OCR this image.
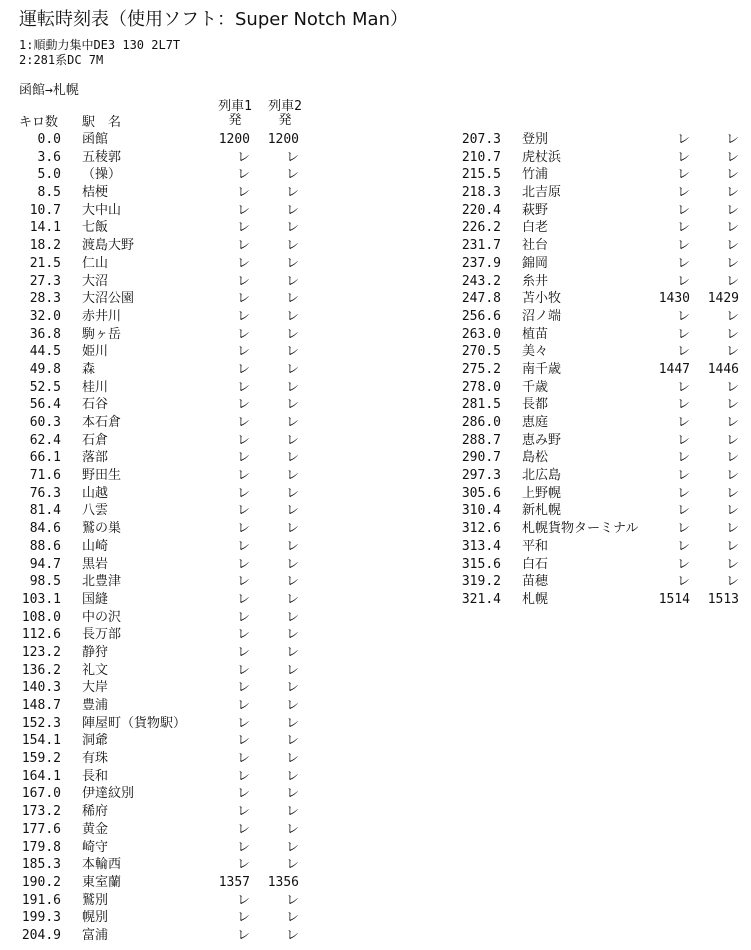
運転時刻表（使用ソフト：Super Notch Man）
1:順動力集中DE3 130 2L7T
2:281系DC 7M
函館→札幌
列車1	列車2
キロ数	駅　名	発	発
0.0 函館	1200	1200
3.6 五稜郭	レ	レ
5.0 （操）	レ	レ
8.5 桔梗	レ	レ
10.7 大中山	レ	レ
14.1 七飯	レ	レ
18.2 渡島大野	レ	レ
21.5 仁山	レ	レ
27.3 大沼	レ	レ
28.3 大沼公園	レ	レ
32.0 赤井川	レ	レ
36.8 駒ヶ岳	レ	レ
44.5 姫川	レ	レ
49.8 森	レ	レ
52.5 桂川	レ	レ
56.4 石谷	レ	レ
60.3 本石倉	レ	レ
62.4 石倉	レ	レ
66.1 落部	レ	レ
71.6 野田生	レ	レ
76.3 山越	レ	レ
81.4 八雲	レ	レ
84.6 鷲の巣	レ	レ
88.6 山崎	レ	レ
94.7 黒岩	レ	レ
98.5 北豊津	レ	レ
103.1 国縫	レ	レ
108.0 中の沢	レ	レ
112.6 長万部	レ	レ
123.2 静狩	レ	レ
136.2 礼文	レ	レ
140.3 大岸	レ	レ
148.7 豊浦	レ	レ
152.3 陣屋町（貨物駅）	レ	レ
154.1 洞爺	レ	レ
159.2 有珠	レ	レ
164.1 長和	レ	レ
167.0 伊達紋別	レ	レ
173.2 稀府	レ	レ
177.6 黄金	レ	レ
179.8 崎守	レ	レ
185.3 本輪西	レ	レ
190.2 東室蘭	1357	1356
191.6 鷲別	レ	レ
199.3 幌別	レ	レ
204.9 富浦	レ	レ
207.3 登別	レ	レ
210.7 虎杖浜	レ	レ
215.5 竹浦	レ	レ
218.3 北吉原	レ	レ
220.4 萩野	レ	レ
226.2 白老	レ	レ
231.7 社台	レ	レ
237.9 錦岡	レ	レ
243.2 糸井	レ	レ
247.8 苫小牧	1430	1429
256.6 沼ノ端	レ	レ
263.0 植苗	レ	レ
270.5 美々	レ	レ
275.2 南千歳	1447	1446
278.0 千歳	レ	レ
281.5 長都	レ	レ
286.0 恵庭	レ	レ
288.7 恵み野	レ	レ
290.7 島松	レ	レ
297.3 北広島	レ	レ
305.6 上野幌	レ	レ
310.4 新札幌	レ	レ
312.6 札幌貨物ターミナル	レ	レ
313.4 平和	レ	レ
315.6 白石	レ	レ
319.2 苗穂	レ	レ
321.4 札幌	1514	1513
